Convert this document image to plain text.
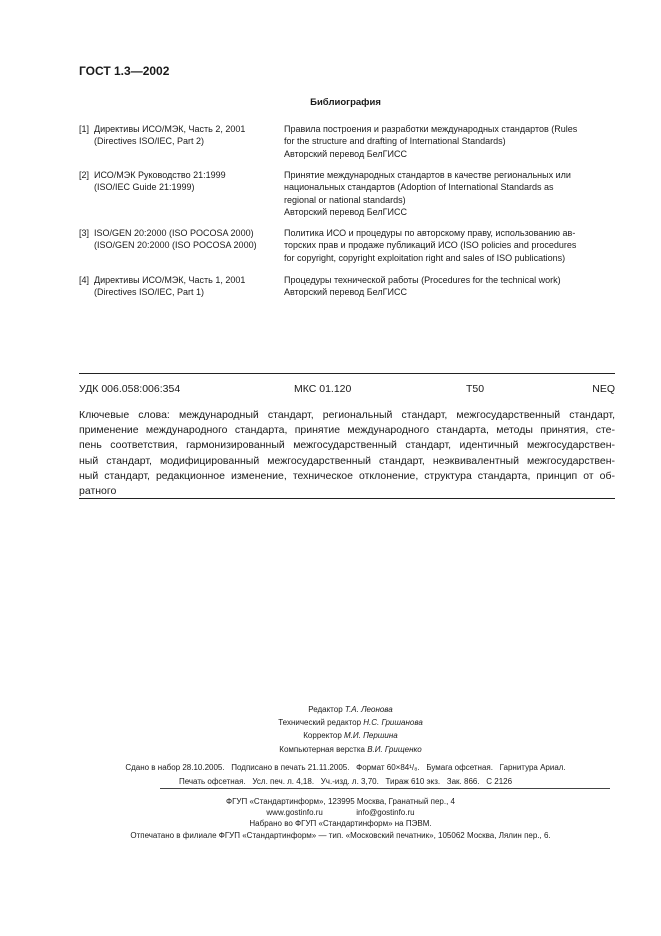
ГОСТ 1.3—2002
Библиография
[1] Директивы ИСО/МЭК, Часть 2, 2001
(Directives ISO/IEC, Part 2)
Правила построения и разработки международных стандартов (Rules
for the structure and drafting of International Standards)
Авторский перевод БелГИСС
[2] ИСО/МЭК Руководство 21:1999
(ISO/IEC Guide 21:1999)
Принятие международных стандартов в качестве региональных или
национальных стандартов (Adoption of International Standards as
regional or national standards)
Авторский перевод БелГИСС
[3] ISO/GEN 20:2000 (ISO POCOSA 2000)
(ISO/GEN 20:2000 (ISO POCOSA 2000)
Политика ИСО и процедуры по авторскому праву, использованию ав-
торских прав и продаже публикаций ИСО (ISO policies and procedures
for copyright, copyright exploitation right and sales of ISO publications)
[4] Директивы ИСО/МЭК, Часть 1, 2001
(Directives ISO/IEC, Part 1)
Процедуры технической работы (Procedures for the technical work)
Авторский перевод БелГИСС
УДК 006.058:006:354	МКС 01.120	Т50	NEQ
Ключевые слова: международный стандарт, региональный стандарт, межгосударственный стандарт,
применение международного стандарта, принятие международного стандарта, методы принятия, сте-
пень соответствия, гармонизированный межгосударственный стандарт, идентичный межгосударствен-
ный стандарт, модифицированный межгосударственный стандарт, неэквивалентный межгосударствен-
ный стандарт, редакционное изменение, техническое отклонение, структура стандарта, принцип от об-
ратного
Редактор Т.А. Леонова
Технический редактор Н.С. Гришанова
Корректор М.И. Першина
Компьютерная верстка В.И. Грищенко
Сдано в набор 28.10.2005.   Подписано в печать 21.11.2005.   Формат 60×84¹/₈.   Бумага офсетная.   Гарнитура Ариал.
Печать офсетная.   Усл. печ. л. 4,18.   Уч.-изд. л. 3,70.   Тираж 610 экз.   Зак. 866.   С 2126
ФГУП «Стандартинформ», 123995 Москва, Гранатный пер., 4
www.gostinfo.ru	info@gostinfo.ru
Набрано во ФГУП «Стандартинформ» на ПЭВМ.
Отпечатано в филиале ФГУП «Стандартинформ» — тип. «Московский печатник», 105062 Москва, Лялин пер., 6.
